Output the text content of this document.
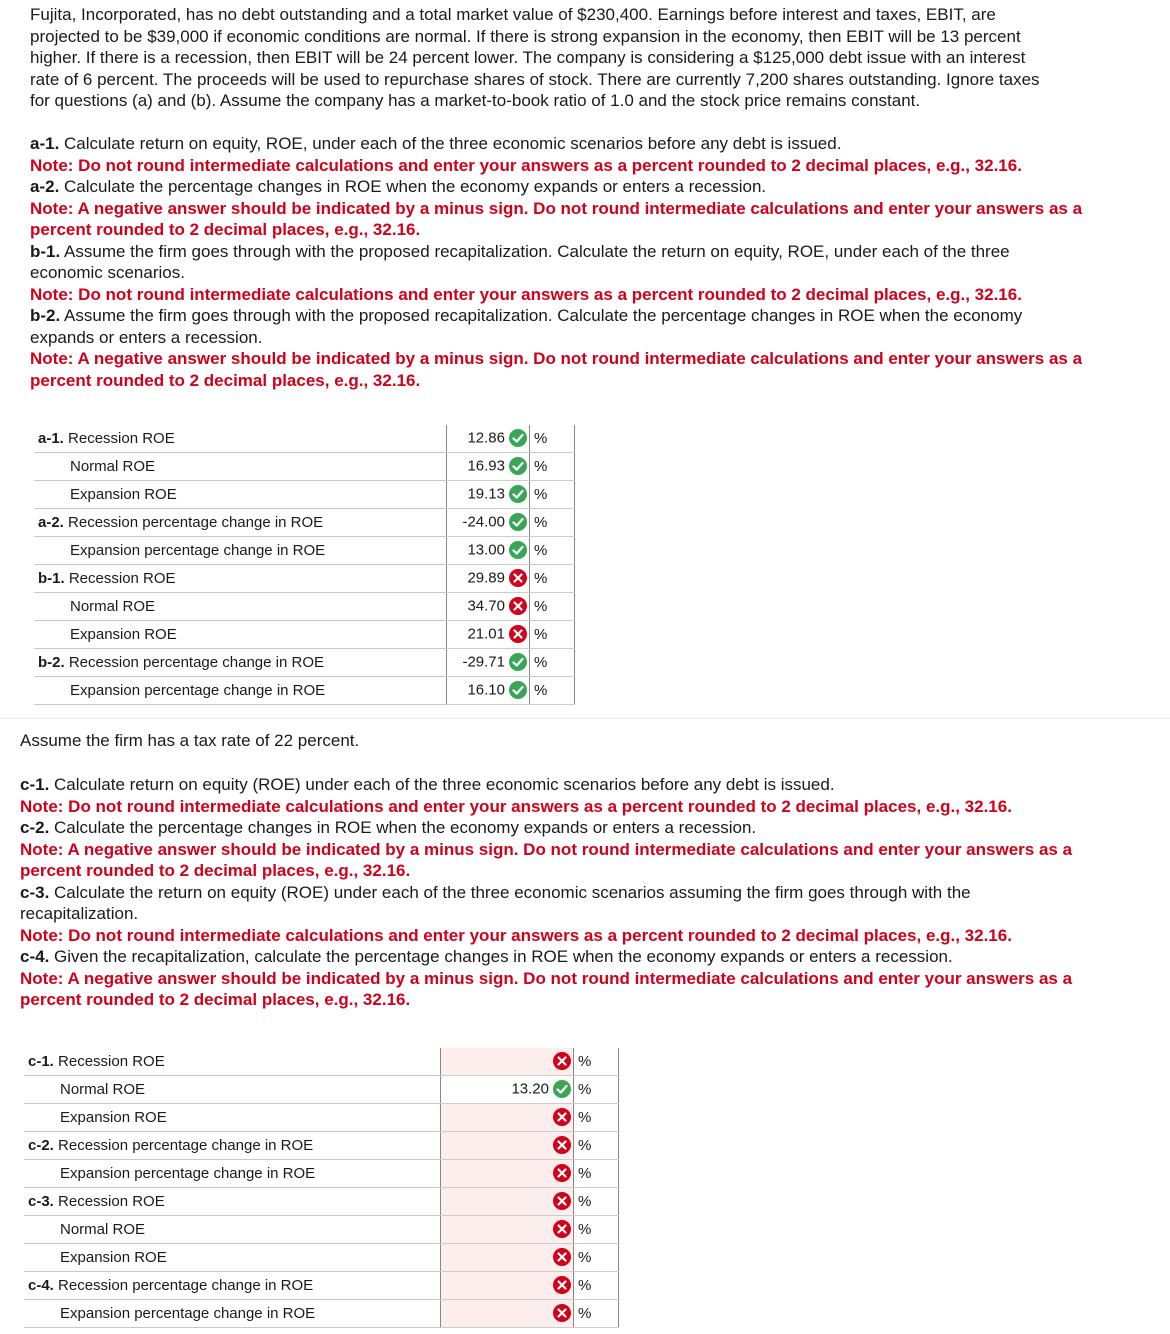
Fujita, Incorporated, has no debt outstanding and a total market value of $230,400. Earnings before interest and taxes, EBIT, are
projected to be $39,000 if economic conditions are normal. If there is strong expansion in the economy, then EBIT will be 13 percent
higher. If there is a recession, then EBIT will be 24 percent lower. The company is considering a $125,000 debt issue with an interest
rate of 6 percent. The proceeds will be used to repurchase shares of stock. There are currently 7,200 shares outstanding. Ignore taxes
for questions (a) and (b). Assume the company has a market-to-book ratio of 1.0 and the stock price remains constant.
a-1. Calculate return on equity, ROE, under each of the three economic scenarios before any debt is issued.
Note: Do not round intermediate calculations and enter your answers as a percent rounded to 2 decimal places, e.g., 32.16.
a-2. Calculate the percentage changes in ROE when the economy expands or enters a recession.
Note: A negative answer should be indicated by a minus sign. Do not round intermediate calculations and enter your answers as a
percent rounded to 2 decimal places, e.g., 32.16.
b-1. Assume the firm goes through with the proposed recapitalization. Calculate the return on equity, ROE, under each of the three
economic scenarios.
Note: Do not round intermediate calculations and enter your answers as a percent rounded to 2 decimal places, e.g., 32.16.
b-2. Assume the firm goes through with the proposed recapitalization. Calculate the percentage changes in ROE when the economy
expands or enters a recession.
Note: A negative answer should be indicated by a minus sign. Do not round intermediate calculations and enter your answers as a
percent rounded to 2 decimal places, e.g., 32.16.
a-1. Recession ROE	12.86	%
Normal ROE	16.93	%
Expansion ROE	19.13	%
a-2. Recession percentage change in ROE	-24.00	%
Expansion percentage change in ROE	13.00	%
b-1. Recession ROE	29.89	%
Normal ROE	34.70	%
Expansion ROE	21.01	%
b-2. Recession percentage change in ROE	-29.71	%
Expansion percentage change in ROE	16.10	%
Assume the firm has a tax rate of 22 percent.
c-1. Calculate return on equity (ROE) under each of the three economic scenarios before any debt is issued.
Note: Do not round intermediate calculations and enter your answers as a percent rounded to 2 decimal places, e.g., 32.16.
c-2. Calculate the percentage changes in ROE when the economy expands or enters a recession.
Note: A negative answer should be indicated by a minus sign. Do not round intermediate calculations and enter your answers as a
percent rounded to 2 decimal places, e.g., 32.16.
c-3. Calculate the return on equity (ROE) under each of the three economic scenarios assuming the firm goes through with the
recapitalization.
Note: Do not round intermediate calculations and enter your answers as a percent rounded to 2 decimal places, e.g., 32.16.
c-4. Given the recapitalization, calculate the percentage changes in ROE when the economy expands or enters a recession.
Note: A negative answer should be indicated by a minus sign. Do not round intermediate calculations and enter your answers as a
percent rounded to 2 decimal places, e.g., 32.16.
c-1. Recession ROE		%
Normal ROE	13.20	%
Expansion ROE		%
c-2. Recession percentage change in ROE		%
Expansion percentage change in ROE		%
c-3. Recession ROE		%
Normal ROE		%
Expansion ROE		%
c-4. Recession percentage change in ROE		%
Expansion percentage change in ROE		%
